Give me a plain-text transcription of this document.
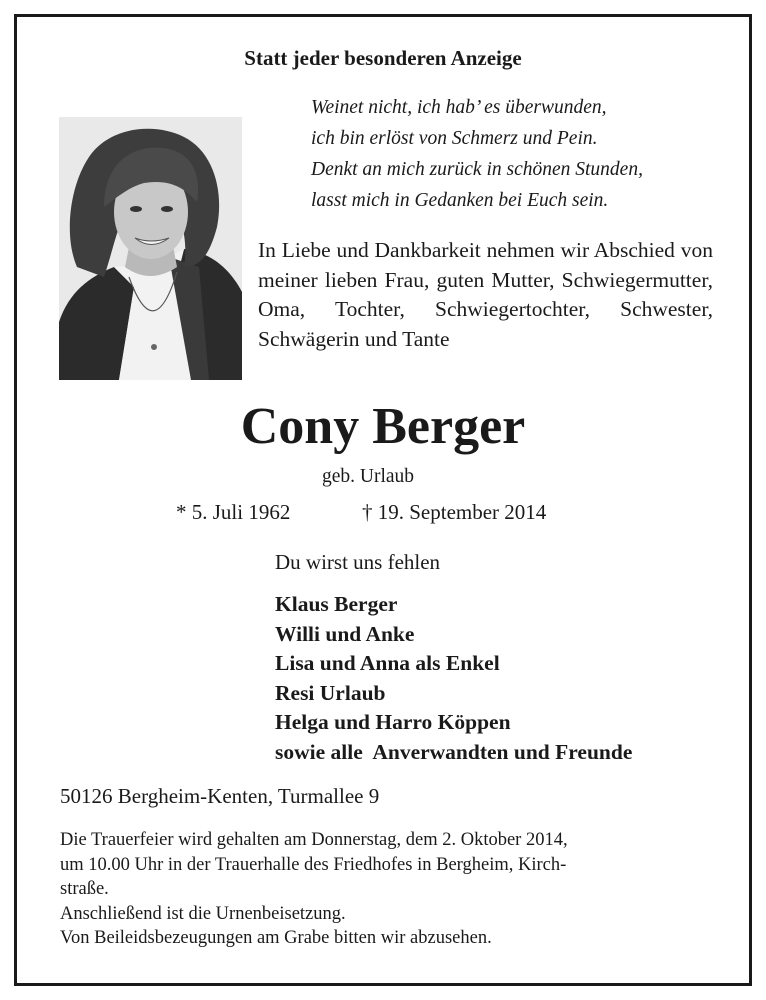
Statt jeder besonderen Anzeige
Weinet nicht, ich hab’ es überwunden,
ich bin erlöst von Schmerz und Pein.
Denkt an mich zurück in schönen Stunden,
lasst mich in Gedanken bei Euch sein.
In Liebe und Dankbarkeit nehmen wir Abschied von meiner lieben Frau, guten Mutter, Schwiegermutter, Oma, Tochter, Schwiegertochter, Schwester, Schwägerin und Tante
Cony Berger
geb. Urlaub
* 5. Juli 1962	† 19. September 2014
Du wirst uns fehlen
Klaus Berger
Willi und Anke
Lisa und Anna als Enkel
Resi Urlaub
Helga und Harro Köppen
sowie alle  Anverwandten und Freunde
50126 Bergheim-Kenten, Turmallee 9
Die Trauerfeier wird gehalten am Donnerstag, dem 2. Oktober 2014,
um 10.00 Uhr in der Trauerhalle des Friedhofes in Bergheim, Kirch-
straße.
Anschließend ist die Urnenbeisetzung.
Von Beileidsbezeugungen am Grabe bitten wir abzusehen.
